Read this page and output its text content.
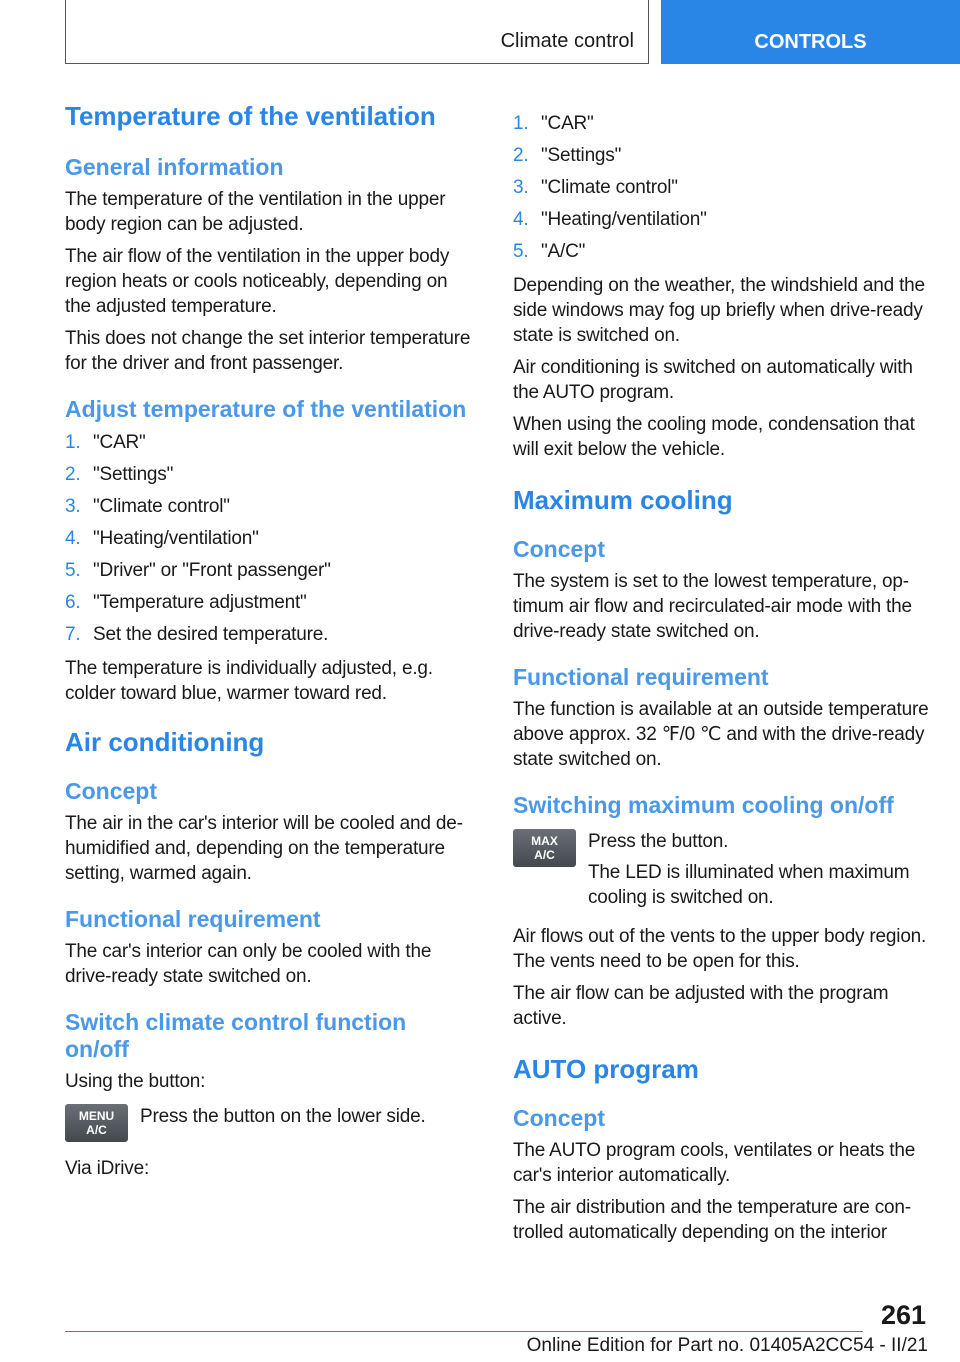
Climate control	CONTROLS
Temperature of the ventilation
General information

The temperature of the ventilation in the upper body region can be adjusted.

The air flow of the ventilation in the upper body region heats or cools noticeably, depending on the adjusted temperature.

This does not change the set interior temperature for the driver and front passenger.

Adjust temperature of the ventilation
1. "CAR"
2. "Settings"
3. "Climate control"
4. "Heating/ventilation"
5. "Driver" or "Front passenger"
6. "Temperature adjustment"
7. Set the desired temperature.

The temperature is individually adjusted, e.g. colder toward blue, warmer toward red.

Air conditioning
Concept

The air in the car's interior will be cooled and dehumidified and, depending on the temperature setting, warmed again.

Functional requirement

The car's interior can only be cooled with the drive-ready state switched on.

Switch climate control function on/off

Using the button:

MENU
A/C

Press the button on the lower side.

Via iDrive:

1. "CAR"
2. "Settings"
3. "Climate control"
4. "Heating/ventilation"
5. "A/C"

Depending on the weather, the windshield and the side windows may fog up briefly when drive-ready state is switched on.

Air conditioning is switched on automatically with the AUTO program.

When using the cooling mode, condensation that will exit below the vehicle.

Maximum cooling
Concept

The system is set to the lowest temperature, optimum air flow and recirculated-air mode with the drive-ready state switched on.

Functional requirement

The function is available at an outside temperature above approx. 32 ℉/0 ℃ and with the drive-ready state switched on.

Switching maximum cooling on/off
MAX
A/C

Press the button.

The LED is illuminated when maximum cooling is switched on.

Air flows out of the vents to the upper body region. The vents need to be open for this.

The air flow can be adjusted with the program active.

AUTO program
Concept

The AUTO program cools, ventilates or heats the car's interior automatically.

The air distribution and the temperature are controlled automatically depending on the interior

261
Online Edition for Part no. 01405A2CC54 - II/21
